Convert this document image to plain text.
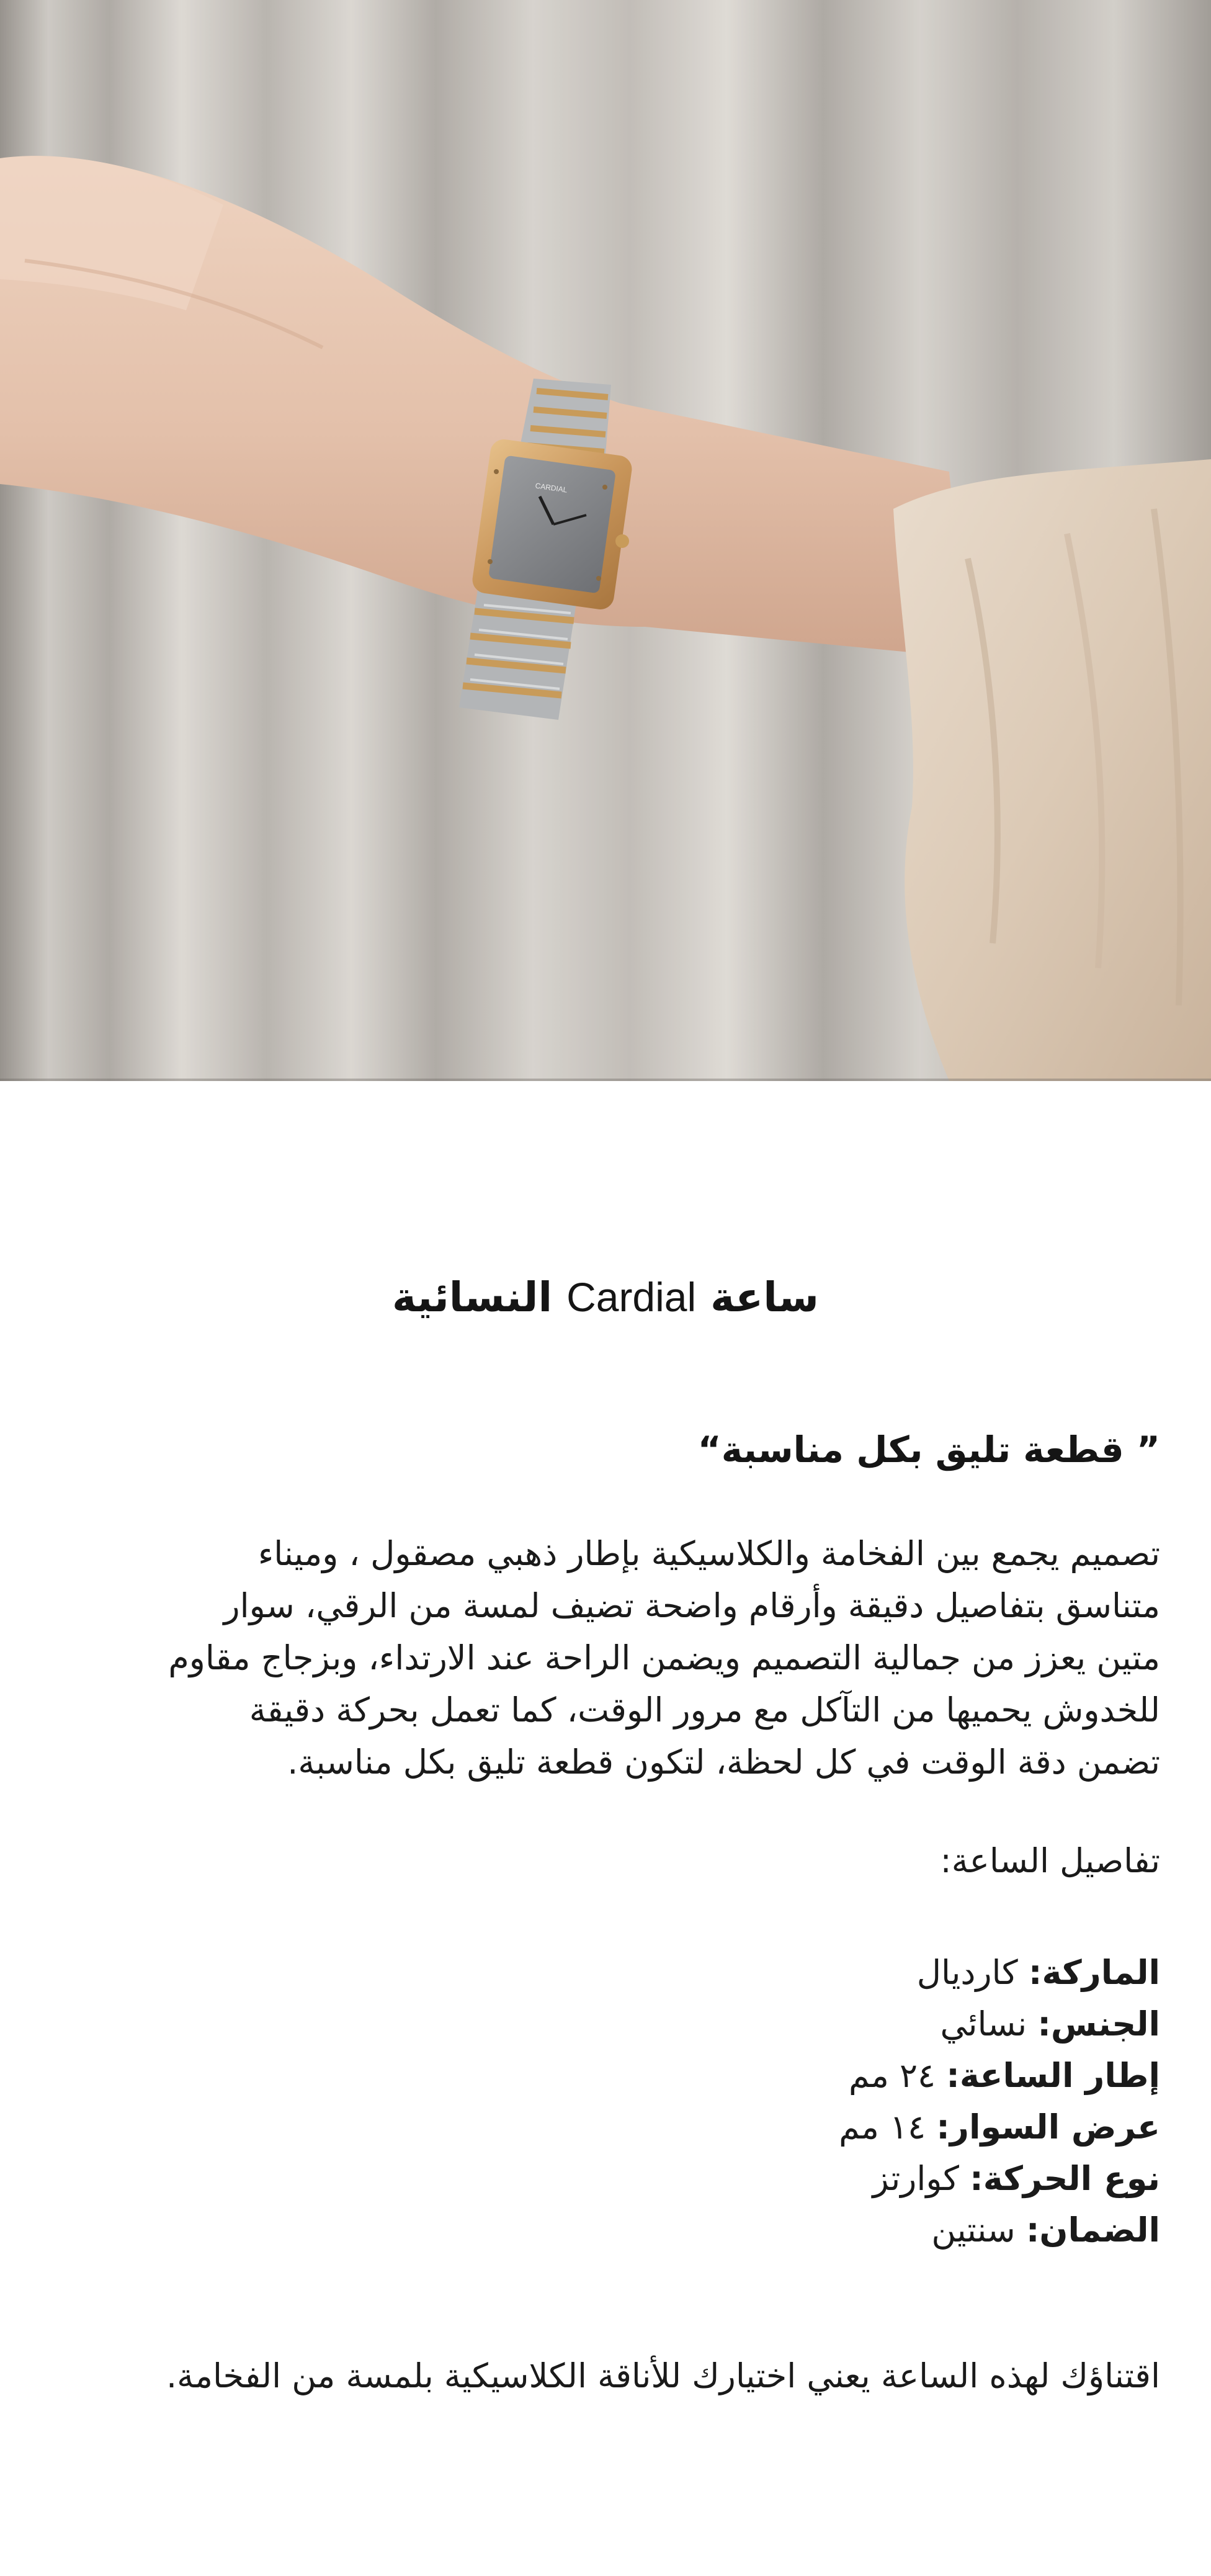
CARDIAL
ساعة Cardial النسائية
” قطعة تليق بكل مناسبة“
تصميم يجمع بين الفخامة والكلاسيكية بإطار ذهبي مصقول ، وميناء
متناسق بتفاصيل دقيقة وأرقام واضحة تضيف لمسة من الرقي، سوار
متين يعزز من جمالية التصميم ويضمن الراحة عند الارتداء، وبزجاج مقاوم
للخدوش يحميها من التآكل مع مرور الوقت، كما تعمل بحركة دقيقة
تضمن دقة الوقت في كل لحظة، لتكون قطعة تليق بكل مناسبة.
تفاصيل الساعة:
الماركة: كارديال
الجنس: نسائي
إطار الساعة: ٢٤ مم
عرض السوار: ١٤ مم
نوع الحركة: كوارتز
الضمان: سنتين
اقتناؤك لهذه الساعة يعني اختيارك للأناقة الكلاسيكية بلمسة من الفخامة.
